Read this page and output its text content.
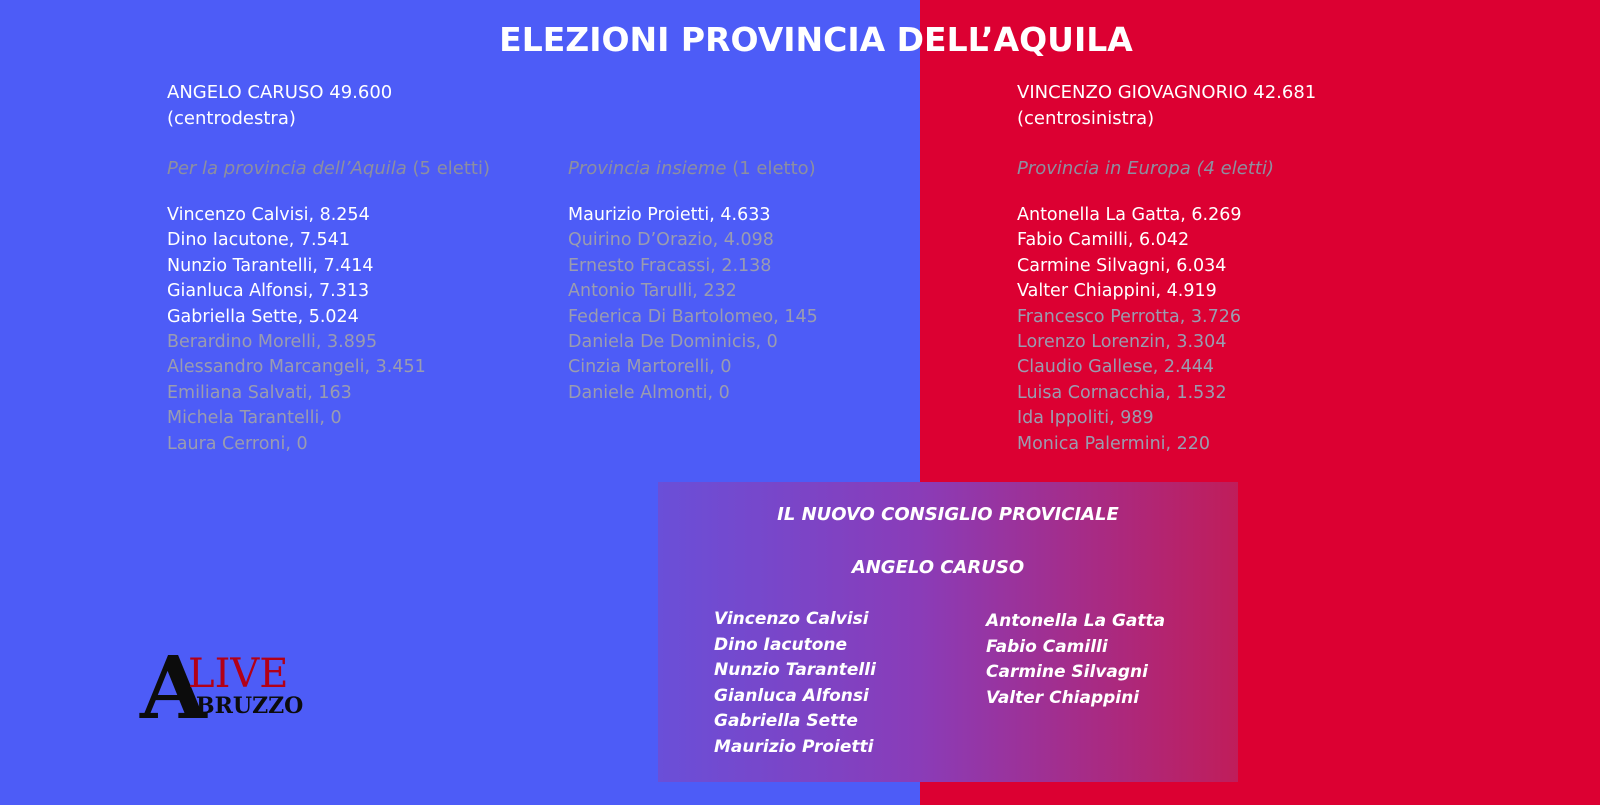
ELEZIONI PROVINCIA DELL’AQUILA
ANGELO CARUSO 49.600
(centrodestra)
VINCENZO GIOVAGNORIO 42.681
(centrosinistra)
Per la provincia dell’Aquila (5 eletti)
Vincenzo Calvisi, 8.254
Dino Iacutone, 7.541
Nunzio Tarantelli, 7.414
Gianluca Alfonsi, 7.313
Gabriella Sette, 5.024
Berardino Morelli, 3.895
Alessandro Marcangeli, 3.451
Emiliana Salvati, 163
Michela Tarantelli, 0
Laura Cerroni, 0
Provincia insieme (1 eletto)
Maurizio Proietti, 4.633
Quirino D’Orazio, 4.098
Ernesto Fracassi, 2.138
Antonio Tarulli, 232
Federica Di Bartolomeo, 145
Daniela De Dominicis, 0
Cinzia Martorelli, 0
Daniele Almonti, 0
Provincia in Europa (4 eletti)
Antonella La Gatta, 6.269
Fabio Camilli, 6.042
Carmine Silvagni, 6.034
Valter Chiappini, 4.919
Francesco Perrotta, 3.726
Lorenzo Lorenzin, 3.304
Claudio Gallese, 2.444
Luisa Cornacchia, 1.532
Ida Ippoliti, 989
Monica Palermini, 220
IL NUOVO CONSIGLIO PROVICIALE
ANGELO CARUSO
Vincenzo Calvisi
Dino Iacutone
Nunzio Tarantelli
Gianluca Alfonsi
Gabriella Sette
Maurizio Proietti
Antonella La Gatta
Fabio Camilli
Carmine Silvagni
Valter Chiappini
A
LIVE
BRUZZO
